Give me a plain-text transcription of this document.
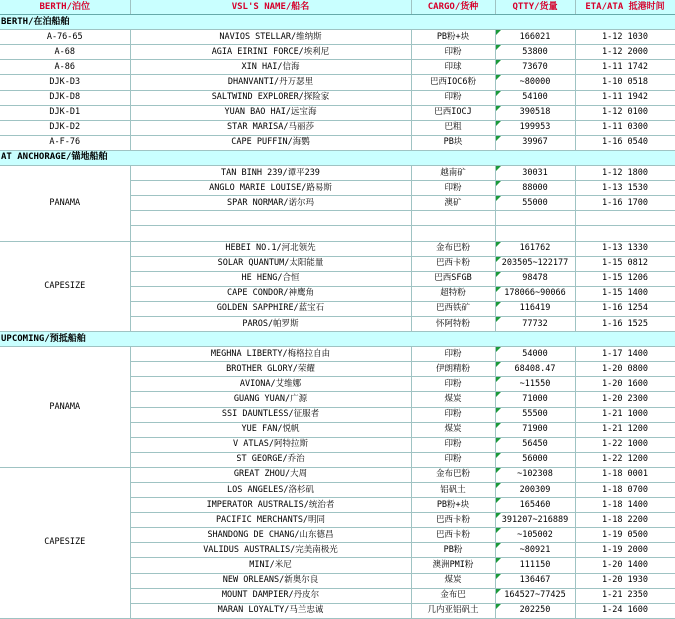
BERTH/泊位	VSL'S NAME/船名	CARGO/货种	QTTY/货量	ETA/ATA 抵港时间
BERTH/在泊船舶				
A-76-65	NAVIOS STELLAR/维纳斯	PB粉+块	166021	1-12 1030
A-68	AGIA EIRINI FORCE/埃利尼	印粉	53800	1-12 2000
A-86	XIN HAI/信海	印球	73670	1-11 1742
DJK-D3	DHANVANTI/丹万瑟里	巴西IOC6粉	~80000	1-10 0518
DJK-D8	SALTWIND EXPLORER/探险家	印粉	54100	1-11 1942
DJK-D1	YUAN BAO HAI/远宝海	巴西IOCJ	390518	1-12 0100
DJK-D2	STAR MARISA/马丽莎	巴粗	199953	1-11 0300
A-F-76	CAPE PUFFIN/海鹦	PB块	39967	1-16 0540
AT ANCHORAGE/锚地船舶				
PANAMA	TAN BINH 239/谭平239	越南矿	30031	1-12 1800
	ANGLO MARIE LOUISE/路易斯	印粉	88000	1-13 1530
	SPAR NORMAR/诺尔玛	澳矿	55000	1-16 1700

CAPESIZE	HEBEI NO.1/河北领先	金布巴粉	161762	1-13 1330
	SOLAR QUANTUM/太阳能量	巴西卡粉	203505~122177	1-15 0812
	HE HENG/合恒	巴西SFGB	98478	1-15 1206
	CAPE CONDOR/神鹰角	超特粉	178066~90066	1-15 1400
	GOLDEN SAPPHIRE/蓝宝石	巴西铁矿	116419	1-16 1254
	PAROS/帕罗斯	怀阿特粉	77732	1-16 1525
UPCOMING/预抵船舶				
PANAMA	MEGHNA LIBERTY/梅格拉自由	印粉	54000	1-17 1400
	BROTHER GLORY/荣耀	伊朗精粉	68408.47	1-20 0800
	AVIONA/艾维娜	印粉	~11550	1-20 1600
	GUANG YUAN/广源	煤炭	71000	1-20 2300
	SSI DAUNTLESS/征服者	印粉	55500	1-21 1000
	YUE FAN/悦帆	煤炭	71900	1-21 1200
	V ATLAS/阿特拉斯	印粉	56450	1-22 1000
	ST GEORGE/乔治	印粉	56000	1-22 1200
CAPESIZE	GREAT ZHOU/大周	金布巴粉	~102308	1-18 0001
	LOS ANGELES/洛杉矶	铝矾土	200309	1-18 0700
	IMPERATOR AUSTRALIS/统治者	PB粉+块	165460	1-18 1400
	PACIFIC MERCHANTS/明同	巴西卡粉	391207~216889	1-18 2200
	SHANDONG DE CHANG/山东德昌	巴西卡粉	~105002	1-19 0500
	VALIDUS AUSTRALIS/完美南极光	PB粉	~80921	1-19 2000
	MINI/米尼	澳洲PMI粉	111150	1-20 1400
	NEW ORLEANS/新奥尔良	煤炭	136467	1-20 1930
	MOUNT DAMPIER/丹皮尔	金布巴	164527~77425	1-21 2350
	MARAN LOYALTY/马兰忠诚	几内亚铝矾土	202250	1-24 1600
